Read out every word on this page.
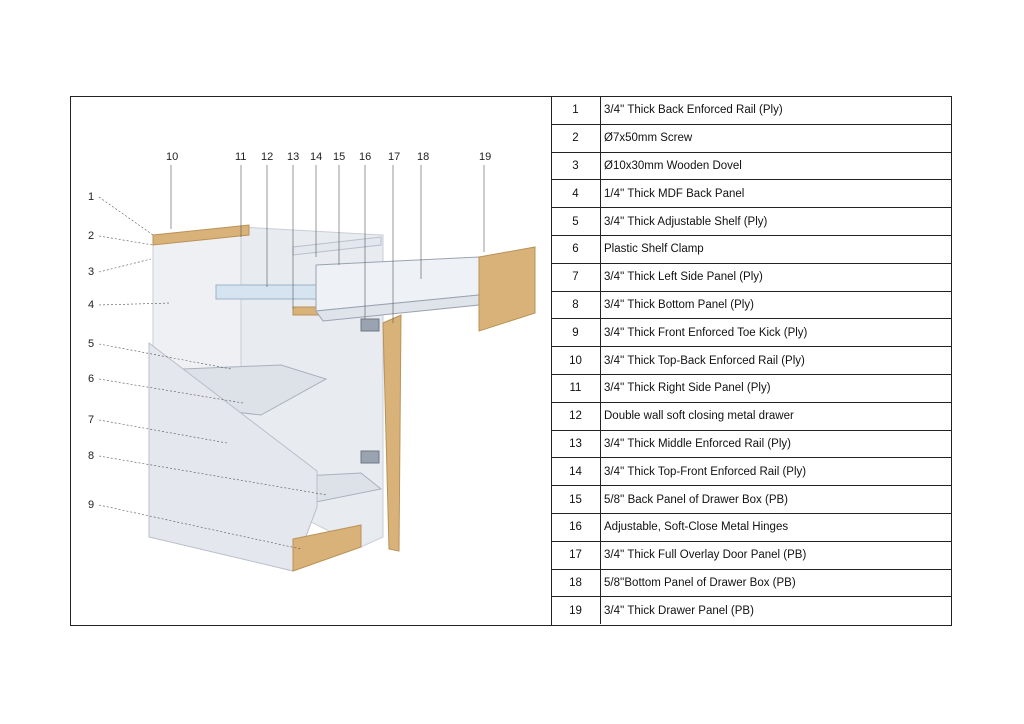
10	11 12 13 14 15 16 17 18	19
1
2
3
4
5
6
7
8
9
1	3/4'' Thick Back Enforced Rail (Ply)
2	Ø7x50mm Screw
3	Ø10x30mm Wooden Dovel
4	1/4'' Thick MDF Back Panel
5	3/4'' Thick Adjustable Shelf (Ply)
6	Plastic Shelf Clamp
7	3/4'' Thick Left Side Panel (Ply)
8	3/4'' Thick Bottom Panel (Ply)
9	3/4'' Thick Front Enforced Toe Kick (Ply)
10	3/4'' Thick Top-Back Enforced Rail (Ply)
11	3/4'' Thick Right Side Panel (Ply)
12	Double wall soft closing metal drawer
13	3/4'' Thick Middle Enforced Rail (Ply)
14	3/4'' Thick Top-Front Enforced Rail (Ply)
15	5/8'' Back Panel of Drawer Box (PB)
16	Adjustable, Soft-Close Metal Hinges
17	3/4'' Thick Full Overlay Door Panel (PB)
18	5/8''Bottom Panel of Drawer Box (PB)
19	3/4'' Thick Drawer Panel (PB)
